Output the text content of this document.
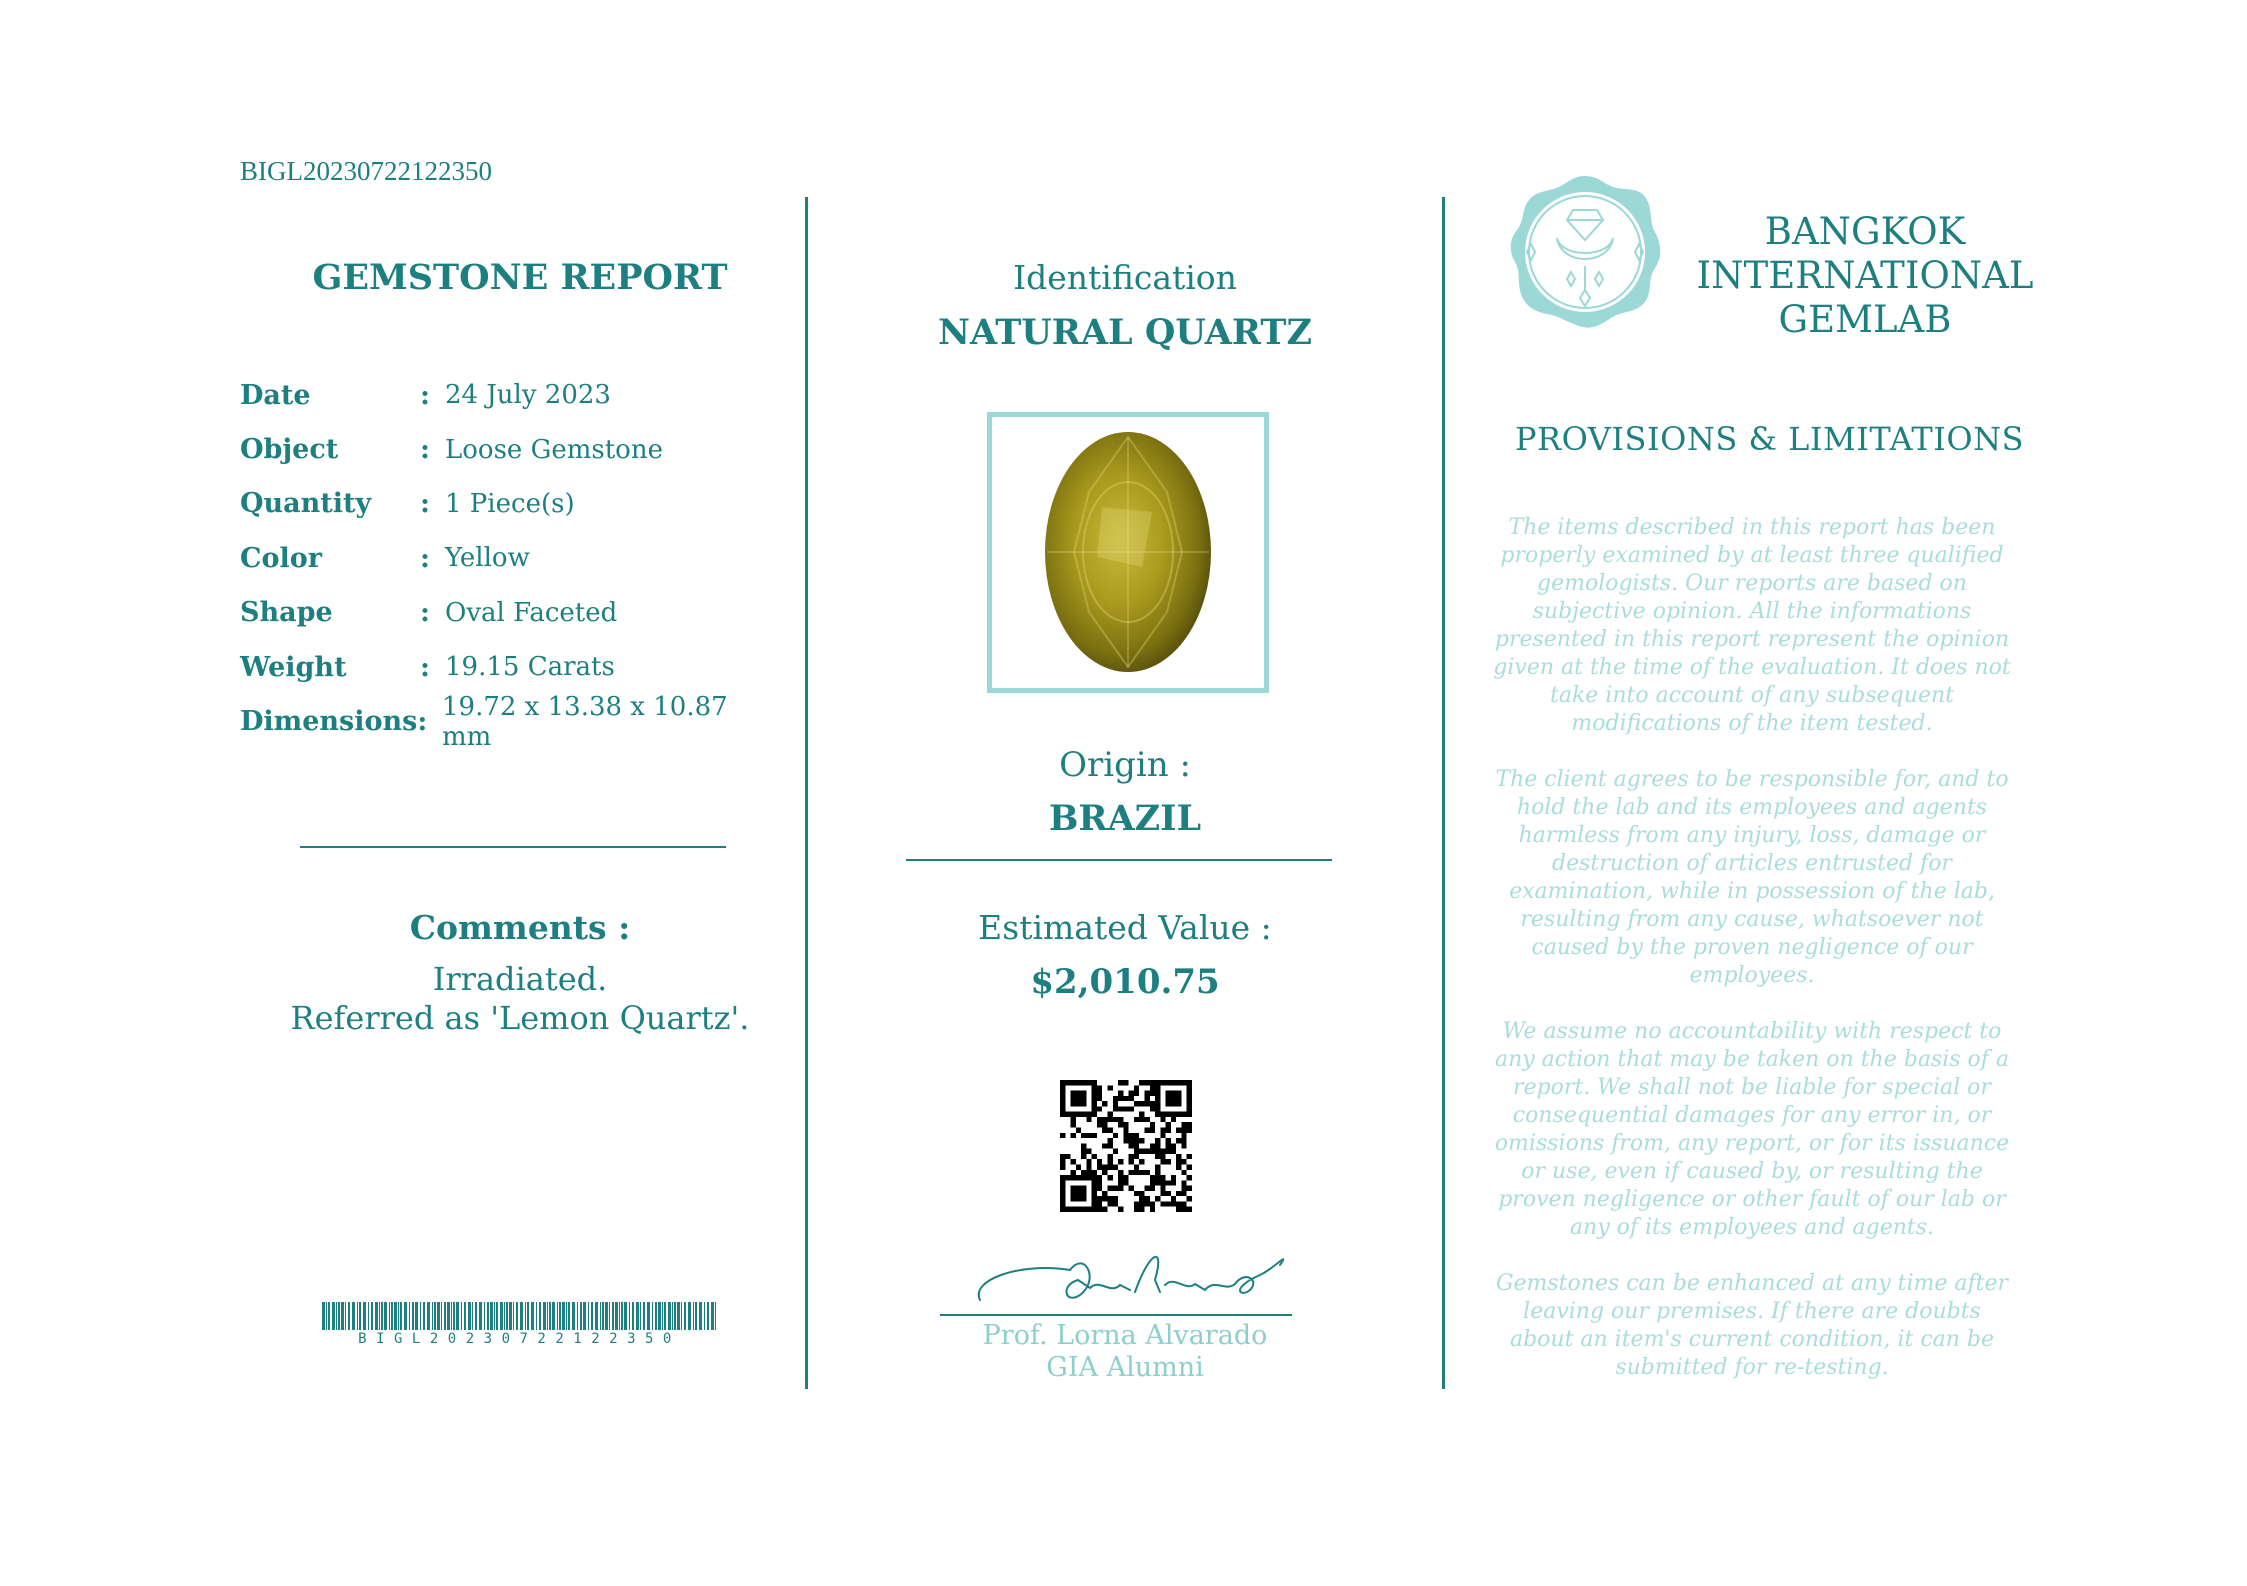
BIGL20230722122350
GEMSTONE REPORT
Date	: 24 July 2023
Object	: Loose Gemstone
Quantity	: 1 Piece(s)
Color	: Yellow
Shape	: Oval Faceted
Weight	: 19.15 Carats
Dimensions : 19.72 x 13.38 x 10.87 mm
Comments :
Irradiated.
Referred as 'Lemon Quartz'.
BIGL20230722122350
Identification
NATURAL QUARTZ
Origin :
BRAZIL
Estimated Value :
$2,010.75
Prof. Lorna Alvarado
GIA Alumni
BANGKOK
INTERNATIONAL
GEMLAB
PROVISIONS & LIMITATIONS

The items described in this report has been properly examined by at least three qualified gemologists. Our reports are based on subjective opinion. All the informations presented in this report represent the opinion given at the time of the evaluation. It does not take into account of any subsequent modifications of the item tested.

The client agrees to be responsible for, and to hold the lab and its employees and agents harmless from any injury, loss, damage or destruction of articles entrusted for examination, while in possession of the lab, resulting from any cause, whatsoever not caused by the proven negligence of our employees.

We assume no accountability with respect to any action that may be taken on the basis of a report. We shall not be liable for special or consequential damages for any error in, or omissions from, any report, or for its issuance or use, even if caused by, or resulting the proven negligence or other fault of our lab or any of its employees and agents.

Gemstones can be enhanced at any time after leaving our premises. If there are doubts about an item's current condition, it can be submitted for re-testing.
